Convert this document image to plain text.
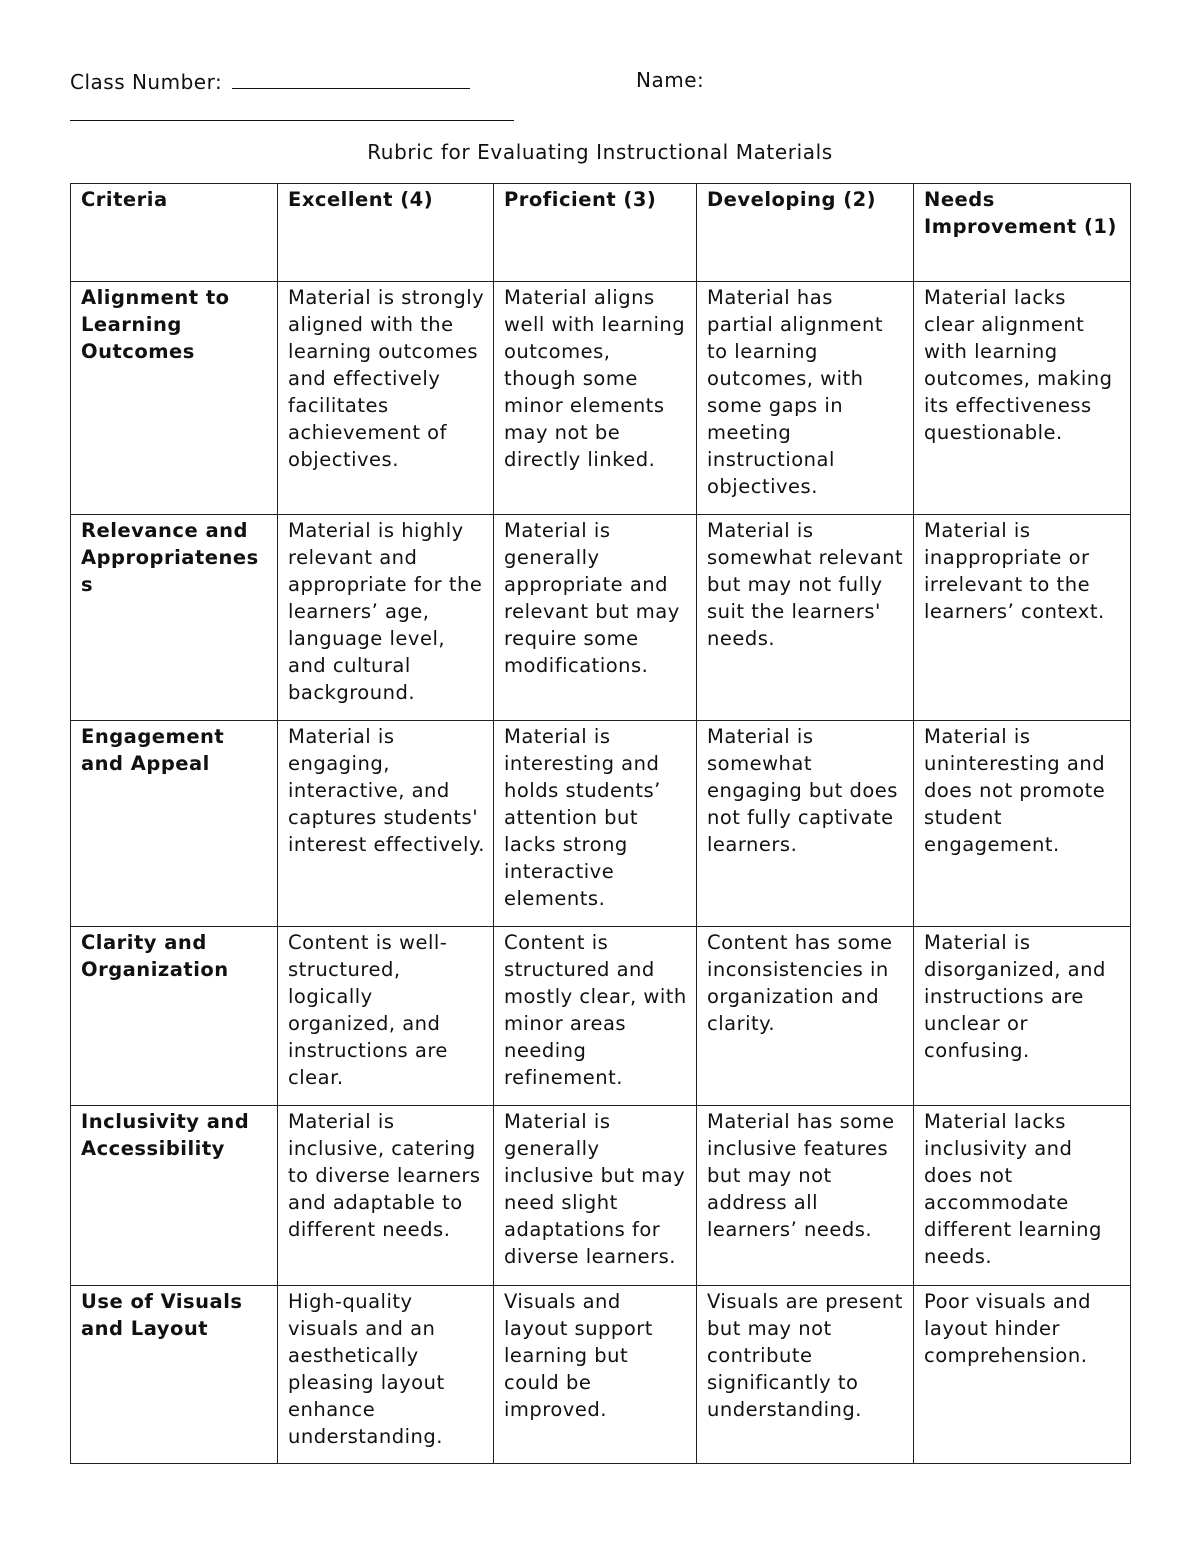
Class Number:	Name:
Rubric for Evaluating Instructional Materials
Criteria	Excellent (4)	Proficient (3)	Developing (2)	Needs Improvement (1)
Alignment to Learning Outcomes	Material is strongly aligned with the learning outcomes and effectively facilitates achievement of objectives.	Material aligns well with learning outcomes, though some minor elements may not be directly linked.	Material has partial alignment to learning outcomes, with some gaps in meeting instructional objectives.	Material lacks clear alignment with learning outcomes, making its effectiveness questionable.
Relevance and Appropriateness	Material is highly relevant and appropriate for the learners’ age, language level, and cultural background.	Material is generally appropriate and relevant but may require some modifications.	Material is somewhat relevant but may not fully suit the learners' needs.	Material is inappropriate or irrelevant to the learners’ context.
Engagement and Appeal	Material is engaging, interactive, and captures students' interest effectively.	Material is interesting and holds students’ attention but lacks strong interactive elements.	Material is somewhat engaging but does not fully captivate learners.	Material is uninteresting and does not promote student engagement.
Clarity and Organization	Content is well-structured, logically organized, and instructions are clear.	Content is structured and mostly clear, with minor areas needing refinement.	Content has some inconsistencies in organization and clarity.	Material is disorganized, and instructions are unclear or confusing.
Inclusivity and Accessibility	Material is inclusive, catering to diverse learners and adaptable to different needs.	Material is generally inclusive but may need slight adaptations for diverse learners.	Material has some inclusive features but may not address all learners’ needs.	Material lacks inclusivity and does not accommodate different learning needs.
Use of Visuals and Layout	High-quality visuals and an aesthetically pleasing layout enhance understanding.	Visuals and layout support learning but could be improved.	Visuals are present but may not contribute significantly to understanding.	Poor visuals and layout hinder comprehension.
